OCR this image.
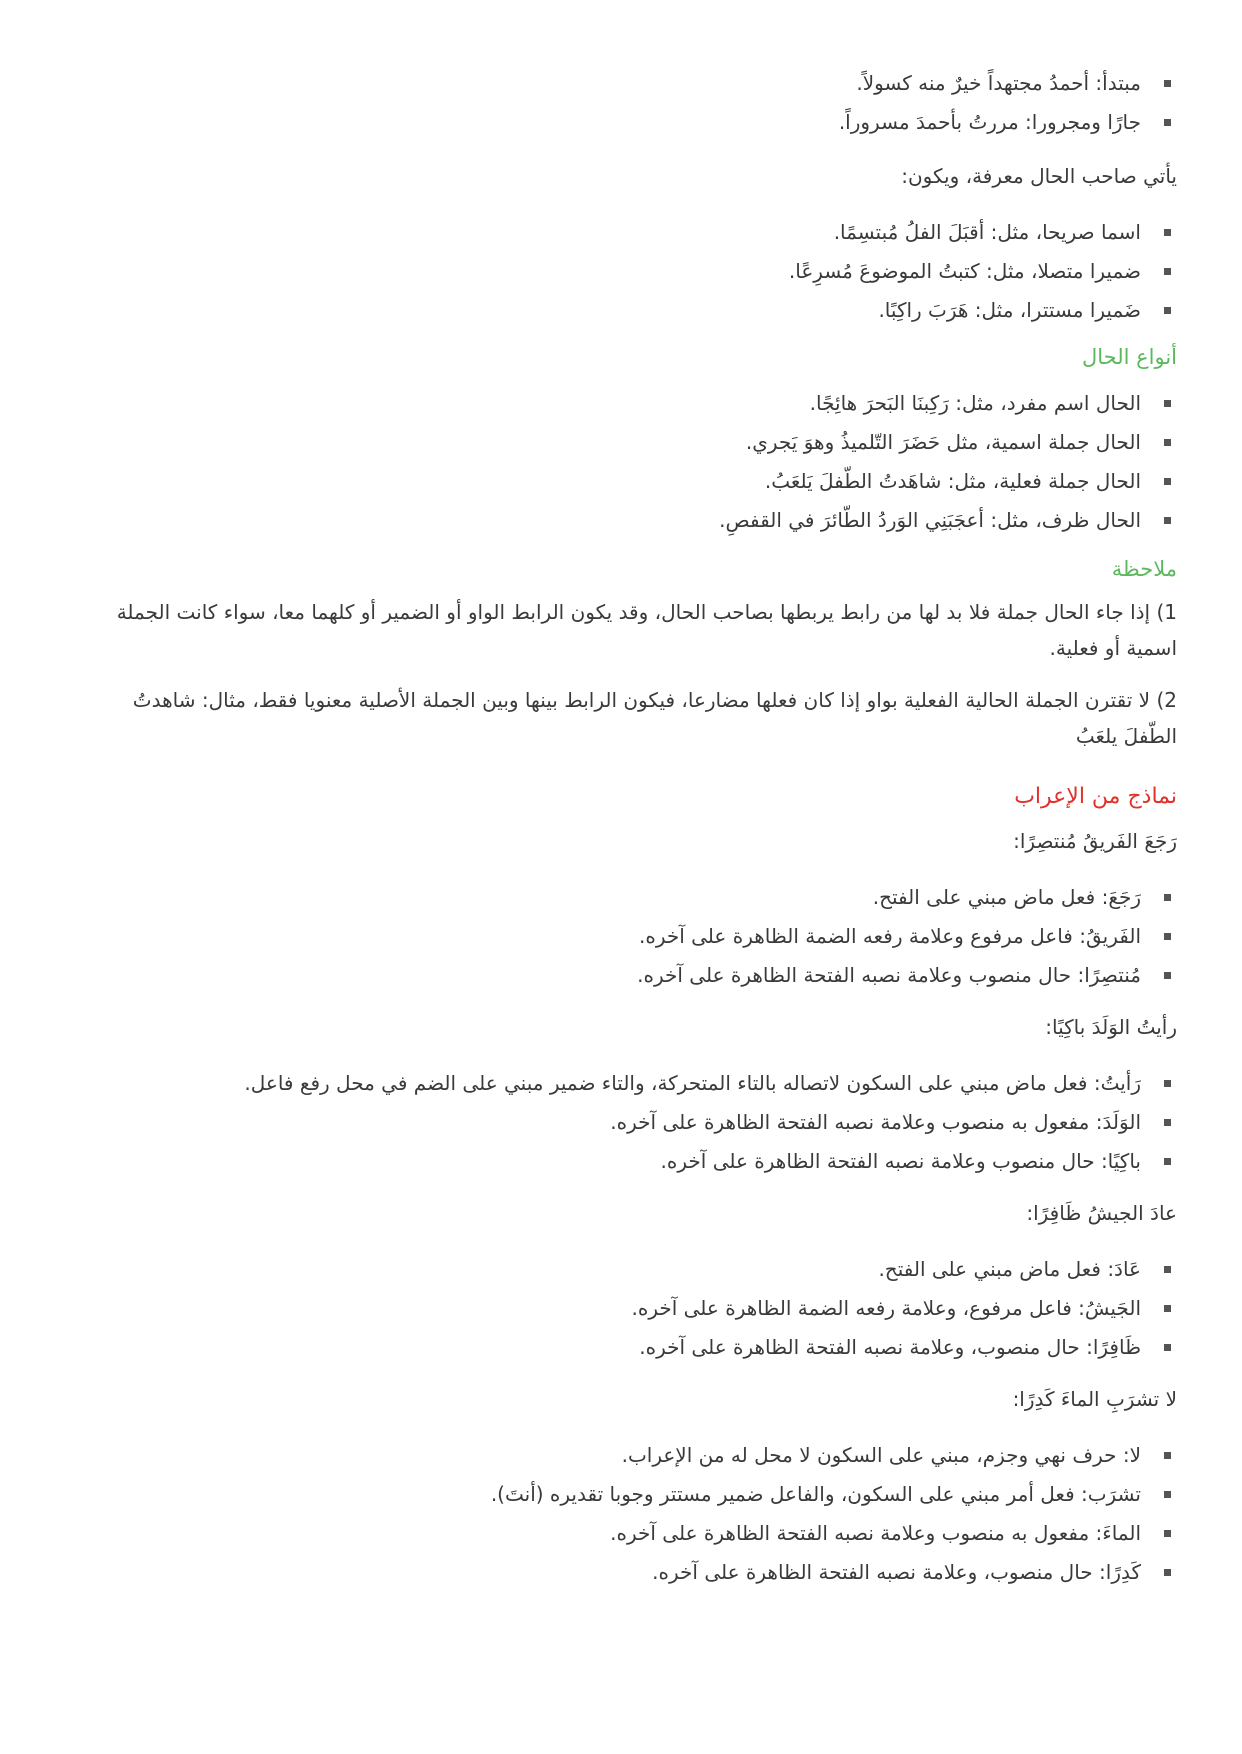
مبتدأ: أحمدُ مجتهداً خيرٌ منه كسولاً.
جارًا ومجرورا: مررتُ بأحمدَ مسروراً.

يأتي صاحب الحال معرفة، ويكون:

اسما صريحا، مثل: أقبَلَ الفلُ مُبتسِمًا.
ضميرا متصلا، مثل: كتبتُ الموضوعَ مُسرِعًا.
ضَميرا مستترا، مثل: هَرَبَ راكِبًا.

أنواع الحال

الحال اسم مفرد، مثل: رَكِبنَا البَحرَ هائِجًا.
الحال جملة اسمية، مثل حَضَرَ التّلميذُ وهوَ يَجري.
الحال جملة فعلية، مثل: شاهَدتُ الطّفلَ يَلعَبُ.
الحال ظرف، مثل: أعجَبَنِي الوَردُ الطّائرَ في القفصِ.

ملاحظة

1) إذا جاء الحال جملة فلا بد لها من رابط يربطها بصاحب الحال، وقد يكون الرابط الواو أو الضمير أو كلهما معا، سواء كانت الجملة اسمية أو فعلية.

2) لا تقترن الجملة الحالية الفعلية بواو إذا كان فعلها مضارعا، فيكون الرابط بينها وبين الجملة الأصلية معنويا فقط، مثال: شاهدتُ الطّفلَ يلعَبُ

نماذج من الإعراب

رَجَعَ الفَريقُ مُنتصِرًا:

رَجَعَ: فعل ماض مبني على الفتح.
الفَريقُ: فاعل مرفوع وعلامة رفعه الضمة الظاهرة على آخره.
مُنتصِرًا: حال منصوب وعلامة نصبه الفتحة الظاهرة على آخره.

رأيتُ الوَلَدَ باكِيًا:

رَأيتُ: فعل ماض مبني على السكون لاتصاله بالتاء المتحركة، والتاء ضمير مبني على الضم في محل رفع فاعل.
الوَلَدَ: مفعول به منصوب وعلامة نصبه الفتحة الظاهرة على آخره.
باكِيًا: حال منصوب وعلامة نصبه الفتحة الظاهرة على آخره.

عادَ الجيشُ ظَافِرًا:

عَادَ: فعل ماض مبني على الفتح.
الجَيشُ: فاعل مرفوع، وعلامة رفعه الضمة الظاهرة على آخره.
ظَافِرًا: حال منصوب، وعلامة نصبه الفتحة الظاهرة على آخره.

لا تشرَبِ الماءَ كَدِرًا:

لا: حرف نهي وجزم، مبني على السكون لا محل له من الإعراب.
تشرَب: فعل أمر مبني على السكون، والفاعل ضمير مستتر وجوبا تقديره (أنتَ).
الماءَ: مفعول به منصوب وعلامة نصبه الفتحة الظاهرة على آخره.
كَدِرًا: حال منصوب، وعلامة نصبه الفتحة الظاهرة على آخره.
